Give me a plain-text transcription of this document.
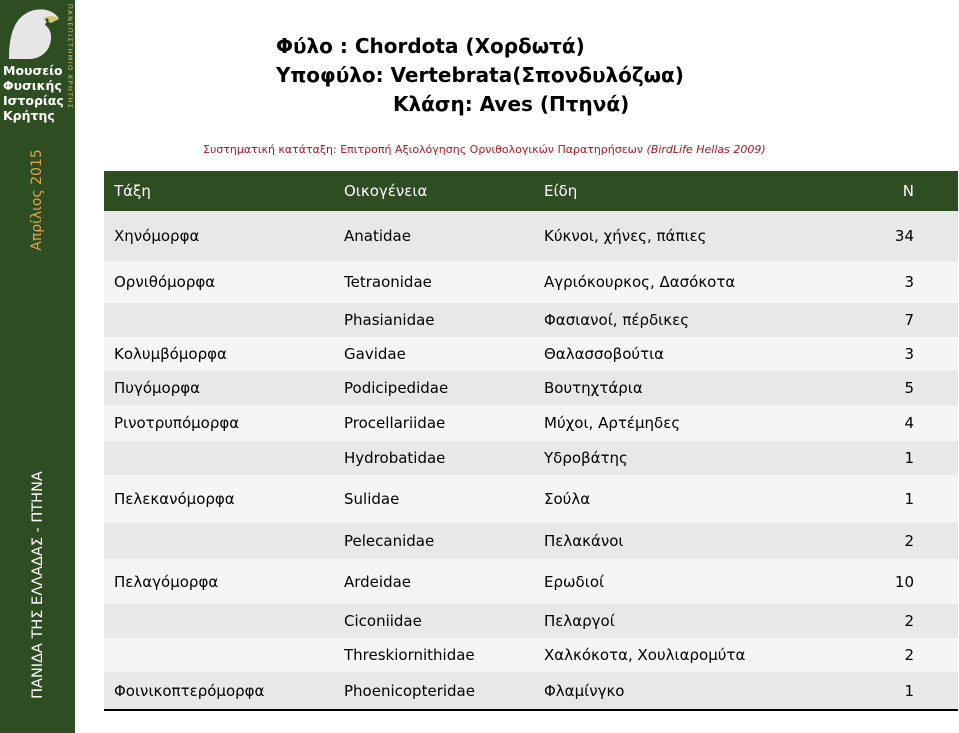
Μουσείο
Φυσικής
Ιστορίας
Κρήτης
ΠΑΝΕΠΙΣΤΗΜΙΟ ΚΡΗΤΗΣ
Απρίλιος 2015
ΠΑΝΙΔΑ ΤΗΣ ΕΛΛΑΔΑΣ - ΠΤΗΝΑ
Φύλο : Chordota (Χορδωτά)
Υποφύλο: Vertebrata(Σπονδυλόζωα)
Κλάση: Aves (Πτηνά)
Συστηματική κατάταξη: Επιτροπή Αξιολόγησης Ορνιθολογικών Παρατηρήσεων (BirdLife Hellas 2009)
Τάξη	Οικογένεια	Είδη	Ν
Χηνόμορφα	Anatidae	Κύκνοι, χήνες, πάπιες	34
Ορνιθόμορφα	Tetraonidae	Αγριόκουρκος, Δασόκοτα	3
	Phasianidae	Φασιανοί, πέρδικες	7
Κολυμβόμορφα	Gavidae	Θαλασσοβούτια	3
Πυγόμορφα	Podicipedidae	Βουτηχτάρια	5
Ρινοτρυπόμορφα	Procellariidae	Μύχοι, Αρτέμηδες	4
	Hydrobatidae	Υδροβάτης	1
Πελεκανόμορφα	Sulidae	Σούλα	1
	Pelecanidae	Πελακάνοι	2
Πελαγόμορφα	Ardeidae	Ερωδιοί	10
	Ciconiidae	Πελαργοί	2
	Threskiornithidae	Χαλκόκοτα, Χουλιαρομύτα	2
Φοινικοπτερόμορφα	Phoenicopteridae	Φλαμίνγκο	1
